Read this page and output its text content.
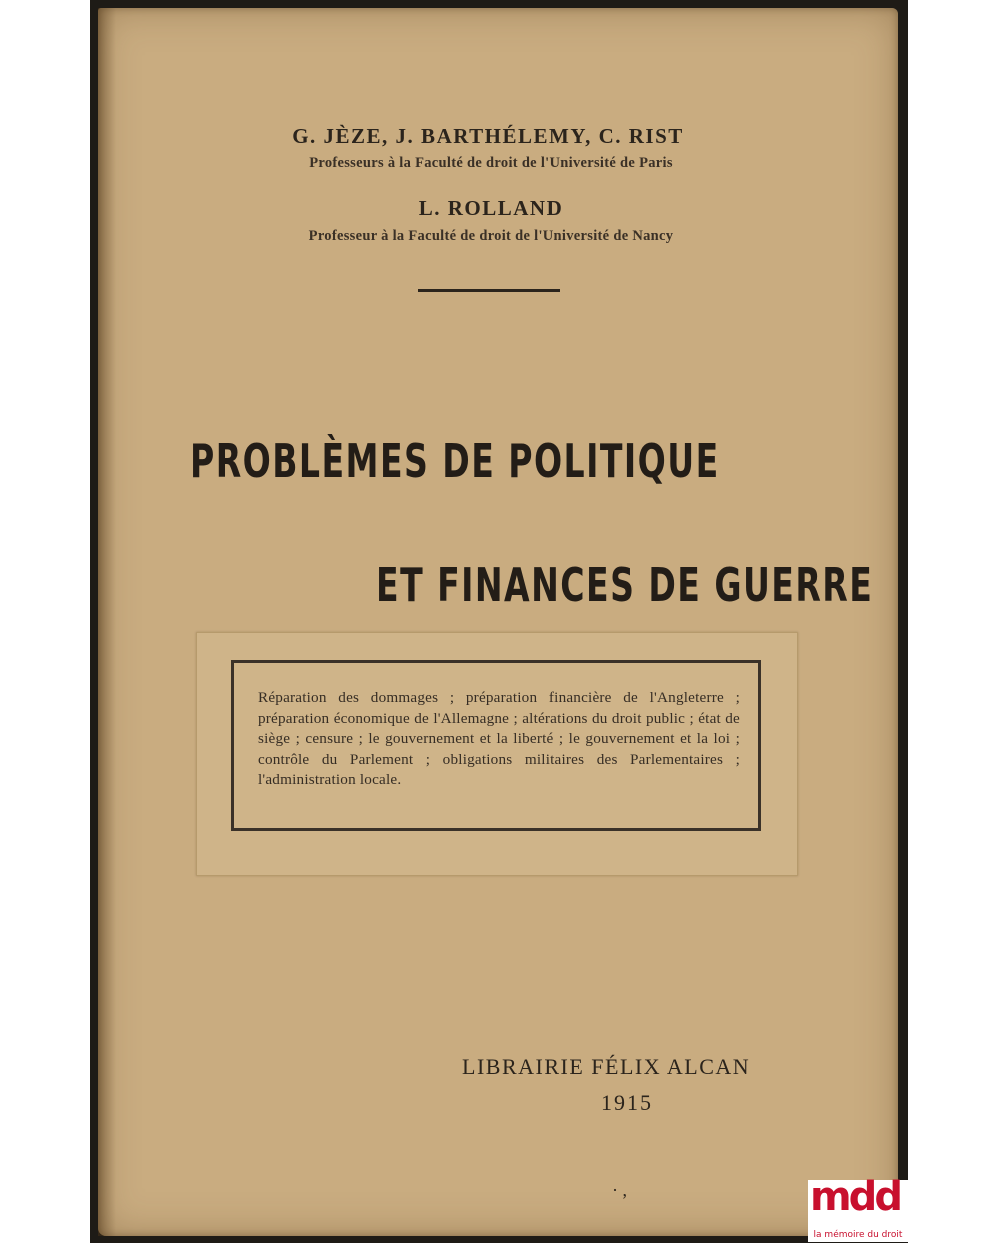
G. JÈZE, J. BARTHÉLEMY, C. RIST
Professeurs à la Faculté de droit de l'Université de Paris
L. ROLLAND
Professeur à la Faculté de droit de l'Université de Nancy
PROBLÈMES DE POLITIQUE
ET FINANCES DE GUERRE
Réparation des dommages ; préparation financière de l'Angleterre ; préparation économique de l'Allemagne ; altérations du droit public ; état de siège ; censure ; le gouvernement et la liberté ; le gouvernement et la loi ; contrôle du Parlement ; obligations militaires des Parlementaires ; l'administration locale.
LIBRAIRIE FÉLIX ALCAN
1915
· ,	mdd
la mémoire du droit
